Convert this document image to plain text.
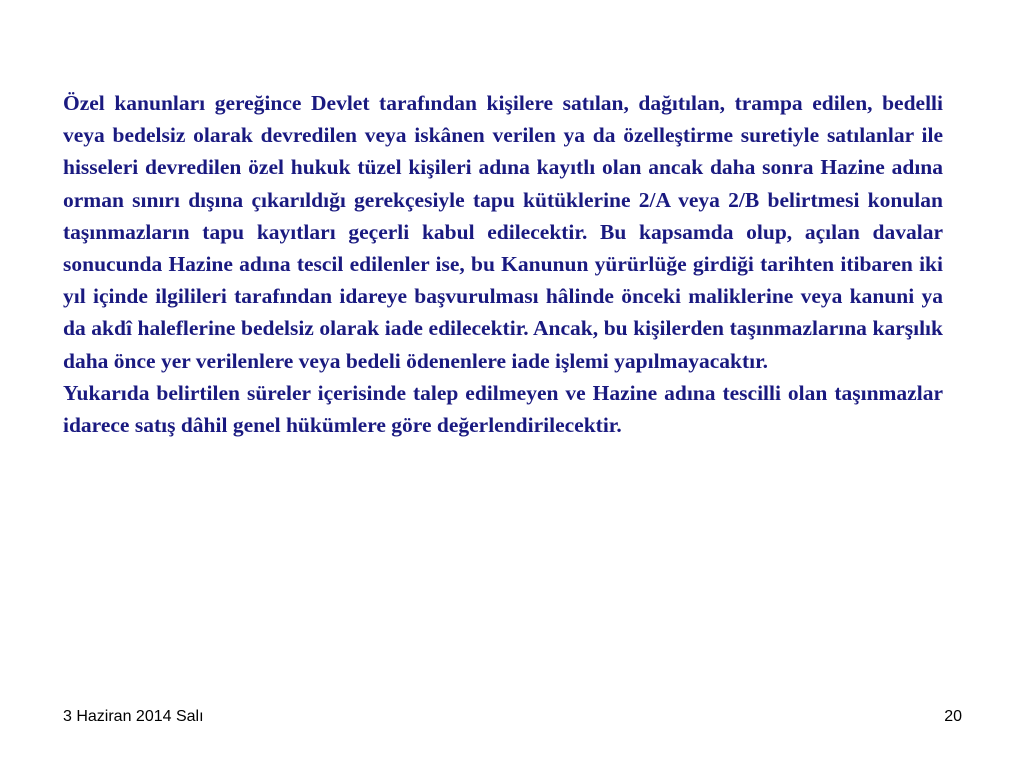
Özel kanunları gereğince Devlet tarafından kişilere satılan, dağıtılan, trampa edilen, bedelli veya bedelsiz olarak devredilen veya iskânen verilen ya da özelleştirme suretiyle satılanlar ile hisseleri devredilen özel hukuk tüzel kişileri adına kayıtlı olan ancak daha sonra Hazine adına orman sınırı dışına çıkarıldığı gerekçesiyle tapu kütüklerine 2/A veya 2/B belirtmesi konulan taşınmazların tapu kayıtları geçerli kabul edilecektir. Bu kapsamda olup, açılan davalar sonucunda Hazine adına tescil edilenler ise, bu Kanunun yürürlüğe girdiği tarihten itibaren iki yıl içinde ilgilileri tarafından idareye başvurulması hâlinde önceki maliklerine veya kanuni ya da akdî haleflerine bedelsiz olarak iade edilecektir. Ancak, bu kişilerden taşınmazlarına karşılık daha önce yer verilenlere veya bedeli ödenenlere iade işlemi yapılmayacaktır.

Yukarıda belirtilen süreler içerisinde talep edilmeyen ve Hazine adına tescilli olan taşınmazlar idarece satış dâhil genel hükümlere göre değerlendirilecektir.

3 Haziran 2014 Salı	20
